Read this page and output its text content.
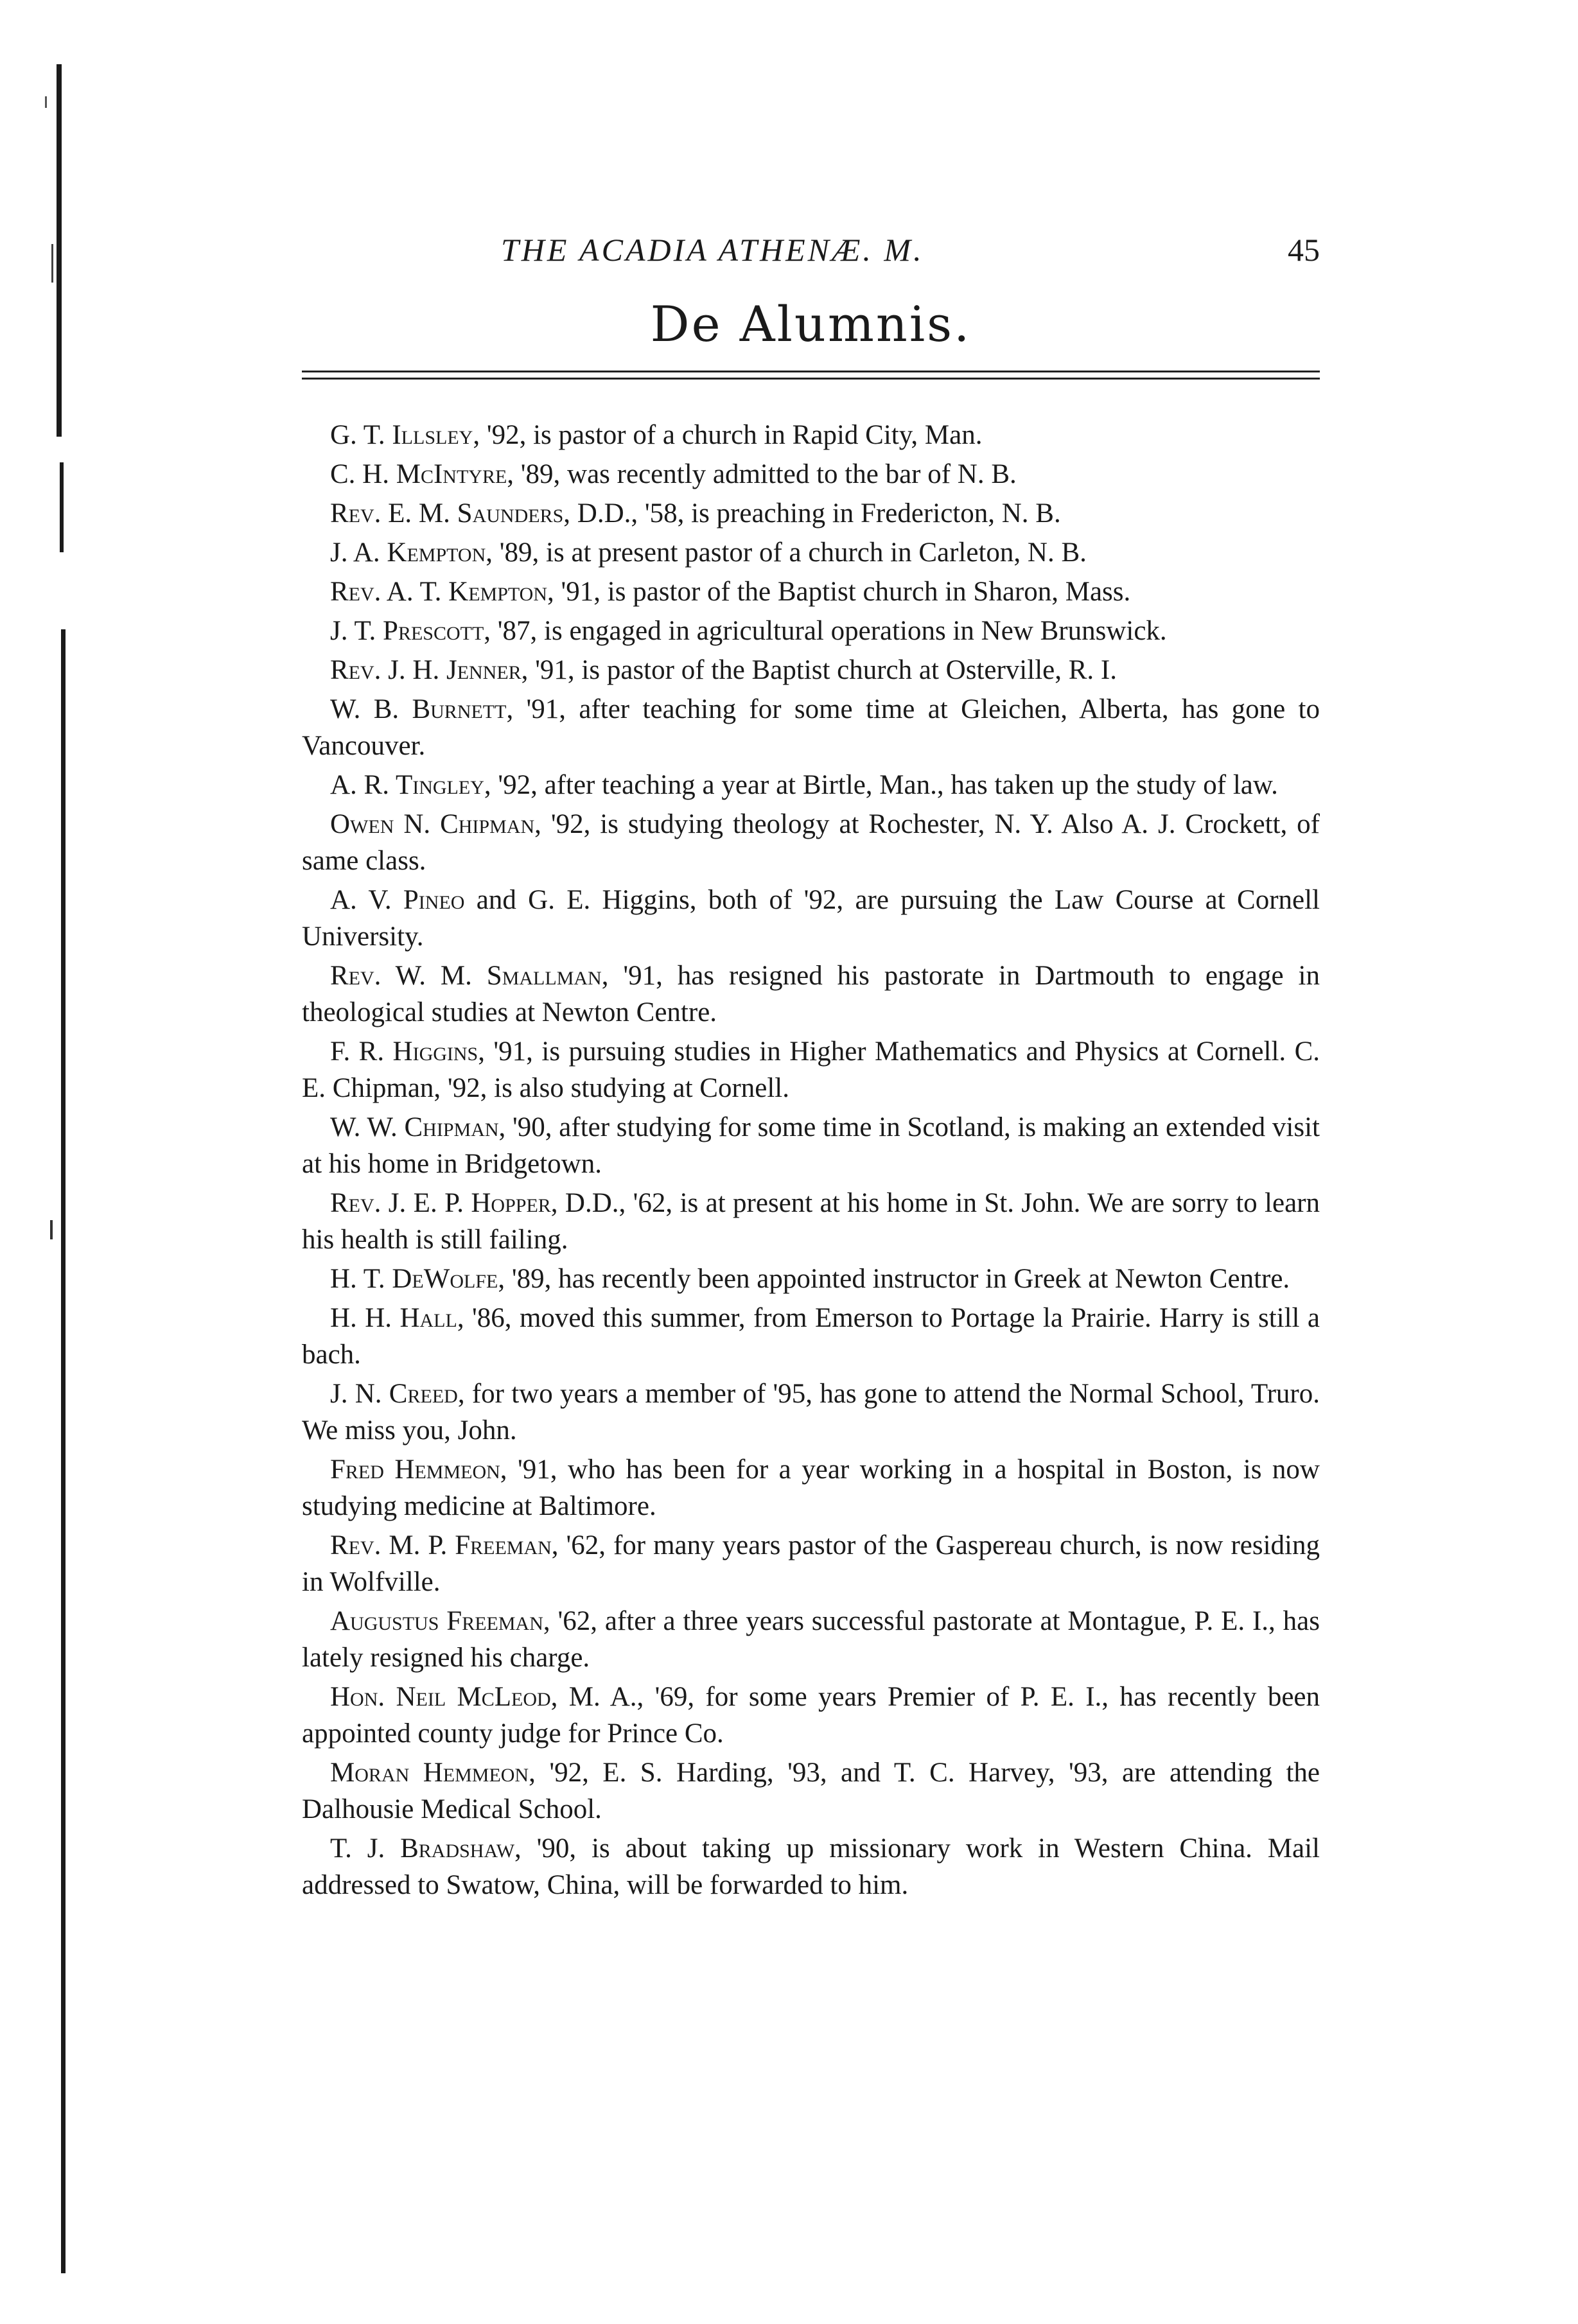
THE ACADIA ATHENÆ. M.	45
De Alumnis.

G. T. Illsley, '92, is pastor of a church in Rapid City, Man.

C. H. McIntyre, '89, was recently admitted to the bar of N. B.

Rev. E. M. Saunders, D.D., '58, is preaching in Fredericton, N. B.

J. A. Kempton, '89, is at present pastor of a church in Carleton, N. B.

Rev. A. T. Kempton, '91, is pastor of the Baptist church in Sharon, Mass.

J. T. Prescott, '87, is engaged in agricultural operations in New Brunswick.

Rev. J. H. Jenner, '91, is pastor of the Baptist church at Osterville, R. I.

W. B. Burnett, '91, after teaching for some time at Gleichen, Alberta, has gone to Vancouver.

A. R. Tingley, '92, after teaching a year at Birtle, Man., has taken up the study of law.

Owen N. Chipman, '92, is studying theology at Rochester, N. Y. Also A. J. Crockett, of same class.

A. V. Pineo and G. E. Higgins, both of '92, are pursuing the Law Course at Cornell University.

Rev. W. M. Smallman, '91, has resigned his pastorate in Dartmouth to engage in theological studies at Newton Centre.

F. R. Higgins, '91, is pursuing studies in Higher Mathematics and Physics at Cornell. C. E. Chipman, '92, is also studying at Cornell.

W. W. Chipman, '90, after studying for some time in Scotland, is making an extended visit at his home in Bridgetown.

Rev. J. E. P. Hopper, D.D., '62, is at present at his home in St. John. We are sorry to learn his health is still failing.

H. T. DeWolfe, '89, has recently been appointed instructor in Greek at Newton Centre.

H. H. Hall, '86, moved this summer, from Emerson to Portage la Prairie. Harry is still a bach.

J. N. Creed, for two years a member of '95, has gone to attend the Normal School, Truro. We miss you, John.

Fred Hemmeon, '91, who has been for a year working in a hospital in Boston, is now studying medicine at Baltimore.

Rev. M. P. Freeman, '62, for many years pastor of the Gaspereau church, is now residing in Wolfville.

Augustus Freeman, '62, after a three years successful pastorate at Montague, P. E. I., has lately resigned his charge.

Hon. Neil McLeod, M. A., '69, for some years Premier of P. E. I., has recently been appointed county judge for Prince Co.

Moran Hemmeon, '92, E. S. Harding, '93, and T. C. Harvey, '93, are attending the Dalhousie Medical School.

T. J. Bradshaw, '90, is about taking up missionary work in Western China. Mail addressed to Swatow, China, will be forwarded to him.
